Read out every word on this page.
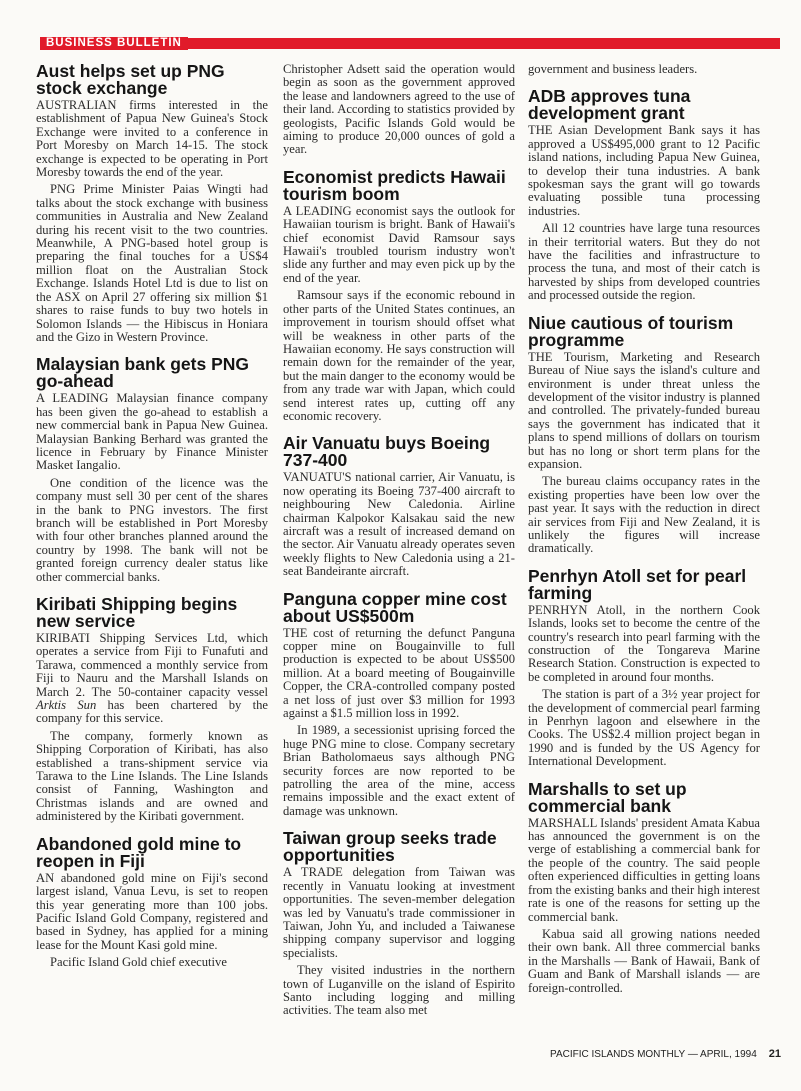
BUSINESS BULLETIN
Aust helps set up PNG stock exchange

AUSTRALIAN firms interested in the establishment of Papua New Guinea's Stock Exchange were invited to a conference in Port Moresby on March 14-15. The stock exchange is expected to be operating in Port Moresby towards the end of the year.

PNG Prime Minister Paias Wingti had talks about the stock exchange with business communities in Australia and New Zealand during his recent visit to the two countries. Meanwhile, A PNG-based hotel group is preparing the final touches for a US$4 million float on the Australian Stock Exchange. Islands Hotel Ltd is due to list on the ASX on April 27 offering six million $1 shares to raise funds to buy two hotels in Solomon Islands — the Hibiscus in Honiara and the Gizo in Western Province.

Malaysian bank gets PNG go-ahead

A LEADING Malaysian finance company has been given the go-ahead to establish a new commercial bank in Papua New Guinea. Malaysian Banking Berhard was granted the licence in February by Finance Minister Masket Iangalio.

One condition of the licence was the company must sell 30 per cent of the shares in the bank to PNG investors. The first branch will be established in Port Moresby with four other branches planned around the country by 1998. The bank will not be granted foreign currency dealer status like other commercial banks.

Kiribati Shipping begins new service

KIRIBATI Shipping Services Ltd, which operates a service from Fiji to Funafuti and Tarawa, commenced a monthly service from Fiji to Nauru and the Marshall Islands on March 2. The 50-container capacity vessel Arktis Sun has been chartered by the company for this service.

The company, formerly known as Shipping Corporation of Kiribati, has also established a trans-shipment service via Tarawa to the Line Islands. The Line Islands consist of Fanning, Washington and Christmas islands and are owned and administered by the Kiribati government.

Abandoned gold mine to reopen in Fiji

AN abandoned gold mine on Fiji's second largest island, Vanua Levu, is set to reopen this year generating more than 100 jobs. Pacific Island Gold Company, registered and based in Sydney, has applied for a mining lease for the Mount Kasi gold mine.

Pacific Island Gold chief executive

Christopher Adsett said the operation would begin as soon as the government approved the lease and landowners agreed to the use of their land. According to statistics provided by geologists, Pacific Islands Gold would be aiming to produce 20,000 ounces of gold a year.

Economist predicts Hawaii tourism boom

A LEADING economist says the outlook for Hawaiian tourism is bright. Bank of Hawaii's chief economist David Ramsour says Hawaii's troubled tourism industry won't slide any further and may even pick up by the end of the year.

Ramsour says if the economic rebound in other parts of the United States continues, an improvement in tourism should offset what will be weakness in other parts of the Hawaiian economy. He says construction will remain down for the remainder of the year, but the main danger to the economy would be from any trade war with Japan, which could send interest rates up, cutting off any economic recovery.

Air Vanuatu buys Boeing 737-400

VANUATU'S national carrier, Air Vanuatu, is now operating its Boeing 737-400 aircraft to neighbouring New Caledonia. Airline chairman Kalpokor Kalsakau said the new aircraft was a result of increased demand on the sector. Air Vanuatu already operates seven weekly flights to New Caledonia using a 21-seat Bandeirante aircraft.

Panguna copper mine cost about US$500m

THE cost of returning the defunct Panguna copper mine on Bougainville to full production is expected to be about US$500 million. At a board meeting of Bougainville Copper, the CRA-controlled company posted a net loss of just over $3 million for 1993 against a $1.5 million loss in 1992.

In 1989, a secessionist uprising forced the huge PNG mine to close. Company secretary Brian Batholomaeus says although PNG security forces are now reported to be patrolling the area of the mine, access remains impossible and the exact extent of damage was unknown.

Taiwan group seeks trade opportunities

A TRADE delegation from Taiwan was recently in Vanuatu looking at investment opportunities. The seven-member delegation was led by Vanuatu's trade commissioner in Taiwan, John Yu, and included a Taiwanese shipping company supervisor and logging specialists.

They visited industries in the northern town of Luganville on the island of Espirito Santo including logging and milling activities. The team also met

government and business leaders.

ADB approves tuna development grant

THE Asian Development Bank says it has approved a US$495,000 grant to 12 Pacific island nations, including Papua New Guinea, to develop their tuna industries. A bank spokesman says the grant will go towards evaluating possible tuna processing industries.

All 12 countries have large tuna resources in their territorial waters. But they do not have the facilities and infrastructure to process the tuna, and most of their catch is harvested by ships from developed countries and processed outside the region.

Niue cautious of tourism programme

THE Tourism, Marketing and Research Bureau of Niue says the island's culture and environment is under threat unless the development of the visitor industry is planned and controlled. The privately-funded bureau says the government has indicated that it plans to spend millions of dollars on tourism but has no long or short term plans for the expansion.

The bureau claims occupancy rates in the existing properties have been low over the past year. It says with the reduction in direct air services from Fiji and New Zealand, it is unlikely the figures will increase dramatically.

Penrhyn Atoll set for pearl farming

PENRHYN Atoll, in the northern Cook Islands, looks set to become the centre of the country's research into pearl farming with the construction of the Tongareva Marine Research Station. Construction is expected to be completed in around four months.

The station is part of a 3½ year project for the development of commercial pearl farming in Penrhyn lagoon and elsewhere in the Cooks. The US$2.4 million project began in 1990 and is funded by the US Agency for International Development.

Marshalls to set up commercial bank

MARSHALL Islands' president Amata Kabua has announced the government is on the verge of establishing a commercial bank for the people of the country. The said people often experienced difficulties in getting loans from the existing banks and their high interest rate is one of the reasons for setting up the commercial bank.

Kabua said all growing nations needed their own bank. All three commercial banks in the Marshalls — Bank of Hawaii, Bank of Guam and Bank of Marshall islands — are foreign-controlled.

PACIFIC ISLANDS MONTHLY — APRIL, 1994 21
